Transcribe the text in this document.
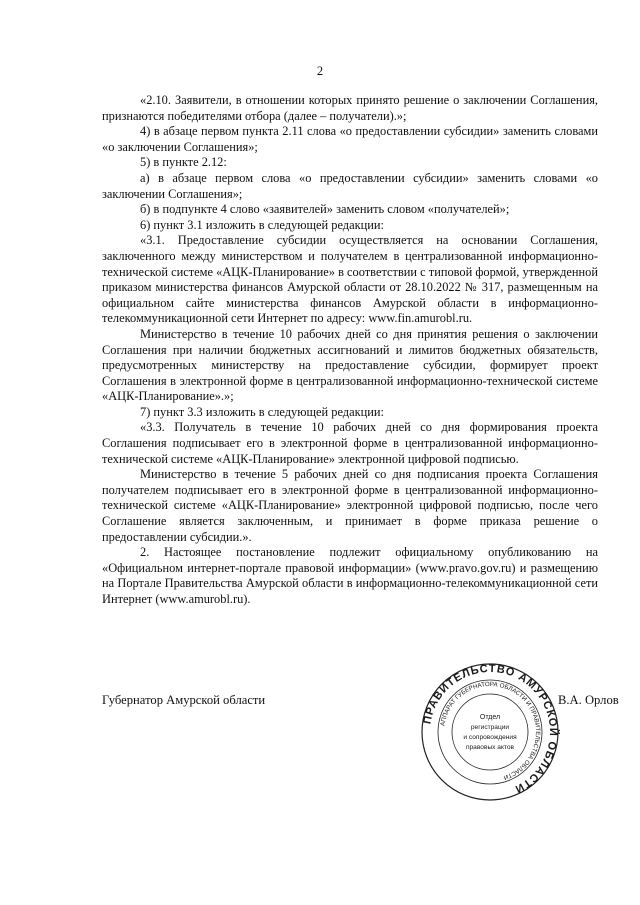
2

«2.10. Заявители, в отношении которых принято решение о заключении Соглашения, признаются победителями отбора (далее – получатели).»;

4) в абзаце первом пункта 2.11 слова «о предоставлении субсидии» заменить словами «о заключении Соглашения»;

5) в пункте 2.12:

а) в абзаце первом слова «о предоставлении субсидии» заменить словами «о заключении Соглашения»;

б) в подпункте 4 слово «заявителей» заменить словом «получателей»;

6) пункт 3.1 изложить в следующей редакции:

«3.1. Предоставление субсидии осуществляется на основании Соглашения, заключенного между министерством и получателем в централизованной информационно-технической системе «АЦК-Планирование» в соответствии с типовой формой, утвержденной приказом министерства финансов Амурской области от 28.10.2022 № 317, размещенным на официальном сайте министерства финансов Амурской области в информационно-телекоммуникационной сети Интернет по адресу: www.fin.amurobl.ru.

Министерство в течение 10 рабочих дней со дня принятия решения о заключении Соглашения при наличии бюджетных ассигнований и лимитов бюджетных обязательств, предусмотренных министерству на предоставление субсидии, формирует проект Соглашения в электронной форме в централизованной информационно-технической системе «АЦК-Планирование».»;

7) пункт 3.3 изложить в следующей редакции:

«3.3. Получатель в течение 10 рабочих дней со дня формирования проекта Соглашения подписывает его в электронной форме в централизованной информационно-технической системе «АЦК-Планирование» электронной цифровой подписью.

Министерство в течение 5 рабочих дней со дня подписания проекта Соглашения получателем подписывает его в электронной форме в централизованной информационно-технической системе «АЦК-Планирование» электронной цифровой подписью, после чего Соглашение является заключенным, и принимает в форме приказа решение о предоставлении субсидии.».

2. Настоящее постановление подлежит официальному опубликованию на «Официальном интернет-портале правовой информации» (www.pravo.gov.ru) и размещению на Портале Правительства Амурской области в информационно-телекоммуникационной сети Интернет (www.amurobl.ru).

Губернатор Амурской области	В.А. Орлов
ПРАВИТЕЛЬСТВО АМУРСКОЙ ОБЛАСТИ
АППАРАТ ГУБЕРНАТОРА ОБЛАСТИ И ПРАВИТЕЛЬСТВА ОБЛАСТИ
Отдел
регистрации
и сопровождения
правовых актов
